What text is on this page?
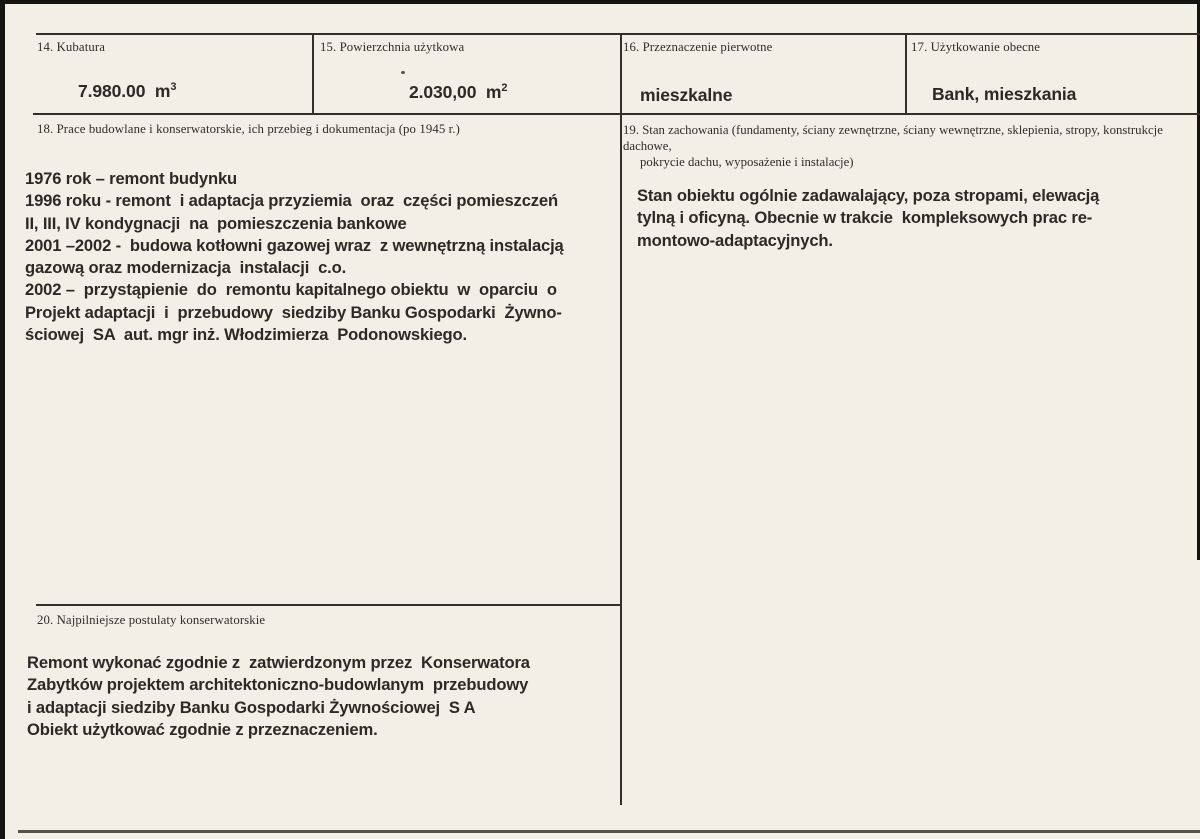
14. Kubatura
7.980.00 $m^3$
15. Powierzchnia użytkowa
2.030,00 $m^2$
16. Przeznaczenie pierwotne
mieszkalne
17. Użytkowanie obecne
Bank, mieszkania
18. Prace budowlane i konserwatorskie, ich przebieg i dokumentacja (po 1945 r.)
1976 rok – remont budynku
1996 roku - remont  i adaptacja przyziemia  oraz  części pomieszczeń
II, III, IV kondygnacji  na  pomieszczenia bankowe
2001 –2002 -  budowa kotłowni gazowej wraz  z wewnętrzną instalacją
gazową oraz modernizacja  instalacji  c.o.
2002 –  przystąpienie  do  remontu kapitalnego obiektu  w  oparciu  o
Projekt adaptacji  i  przebudowy  siedziby Banku Gospodarki  Żywno-
ściowej  SA  aut. mgr inż. Włodzimierza  Podonowskiego.
19. Stan zachowania (fundamenty, ściany zewnętrzne, ściany wewnętrzne, sklepienia, stropy, konstrukcje dachowe,
pokrycie dachu, wyposażenie i instalacje)
Stan obiektu ogólnie zadawalający, poza stropami, elewacją
tylną i oficyną. Obecnie w trakcie  kompleksowych prac re-
montowo-adaptacyjnych.
20. Najpilniejsze postulaty konserwatorskie
Remont wykonać zgodnie z  zatwierdzonym przez  Konserwatora
Zabytków projektem architektoniczno-budowlanym  przebudowy
i adaptacji siedziby Banku Gospodarki Żywnościowej  S A
Obiekt użytkować zgodnie z przeznaczeniem.
